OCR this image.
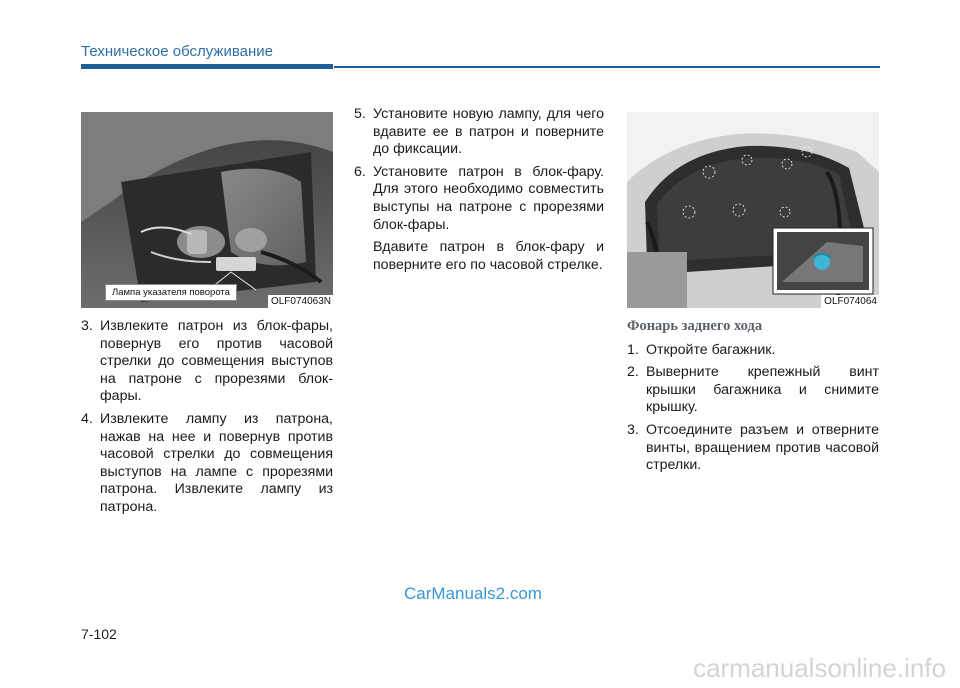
Техническое обслуживание
Лампа указателя поворота
OLF074063N	OLF074064
3. Извлеките патрон из блок-фары, повернув его против часовой стрелки до совмещения выступов на патроне с прорезями блок-фары.
4. Извлеките лампу из патрона, нажав на нее и повернув против часовой стрелки до совмещения выступов на лампе с прорезями патрона. Извлеките лампу из патрона.
5. Установите новую лампу, для чего вдавите ее в патрон и поверните до фиксации.
6. Установите патрон в блок-фару. Для этого необходимо совместить выступы на патроне с прорезями блок-фары.
Вдавите патрон в блок-фару и поверните его по часовой стрелке.
Фонарь заднего хода
1. Откройте багажник.
2. Выверните крепежный винт крышки багажника и снимите крышку.
3. Отсоедините разъем и отверните винты, вращением против часовой стрелки.
CarManuals2.com
7-102
carmanualsonline.info
